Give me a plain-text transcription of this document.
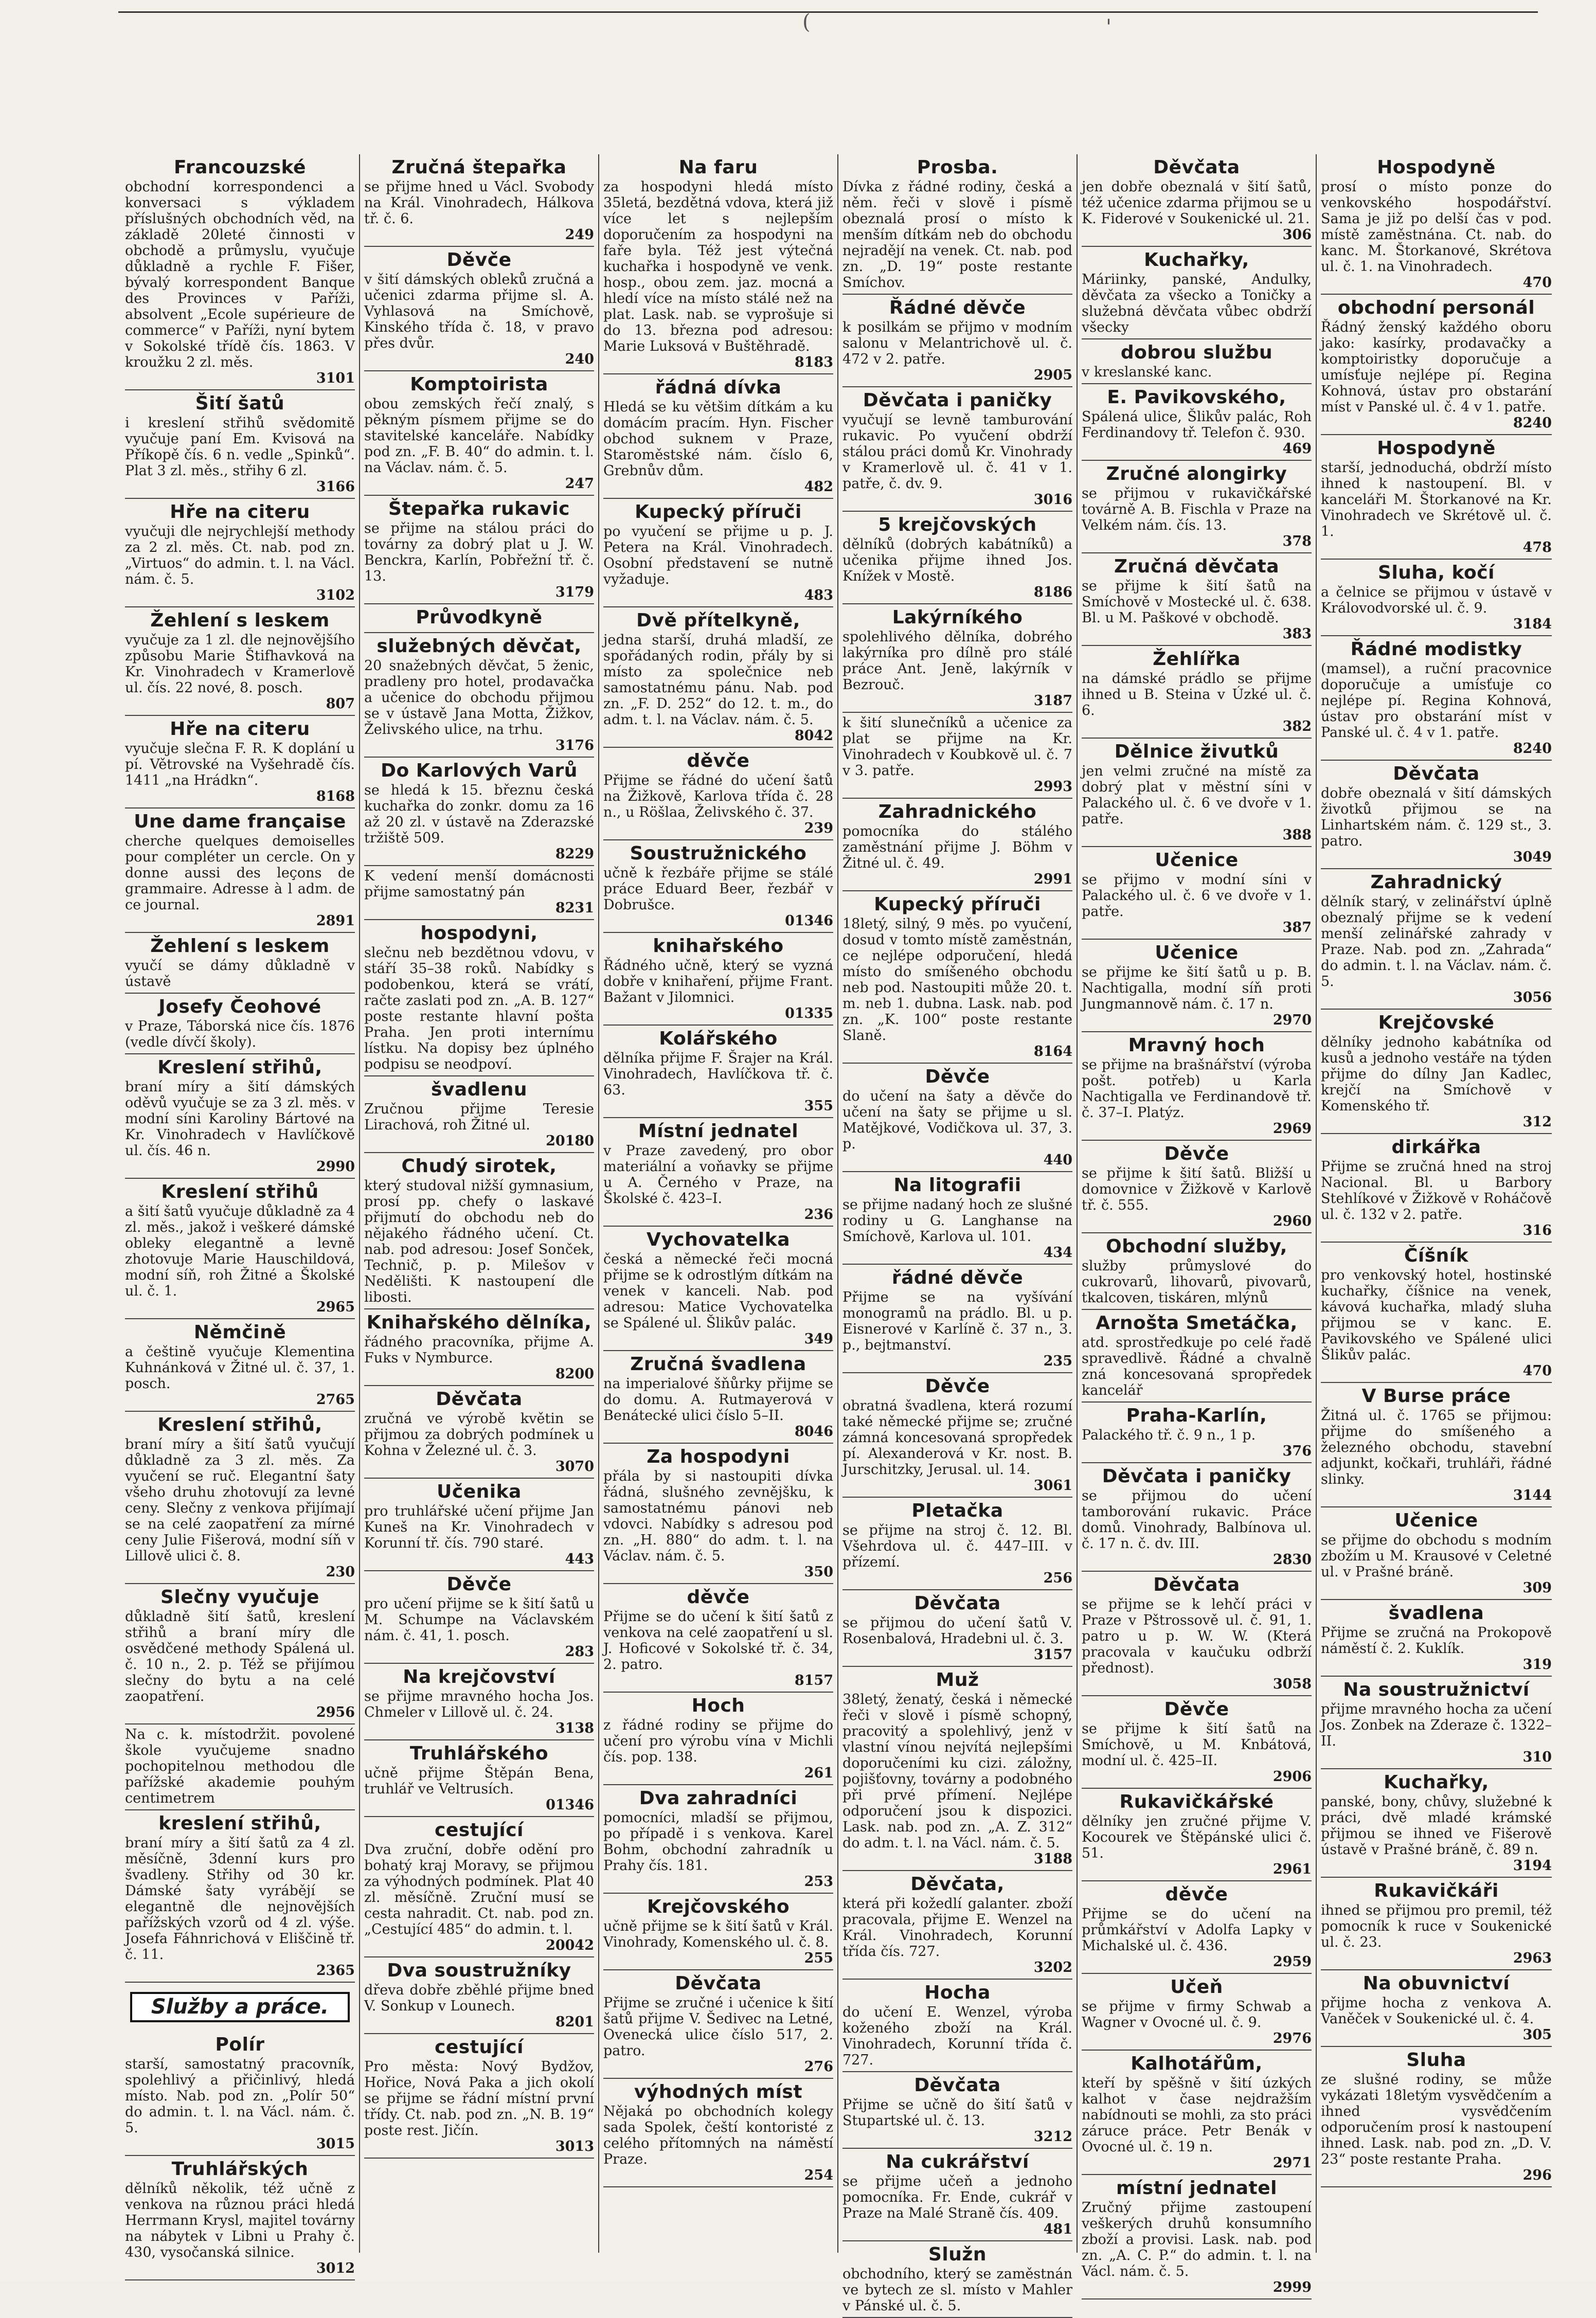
(	'
Francouzské

obchodní korrespondenci a konversaci s výkladem příslušných obchodních věd, na základě 20leté činnosti v obchodě a průmyslu, vyučuje důkladně a rychle F. Fišer, bývalý korrespondent Banque des Provinces v Paříži, absolvent „Ecole supérieure de commerce“ v Paříži, nyní bytem v Sokolské třídě čís. 1863. V kroužku 2 zl. měs.

3101
Šití šatů

i kreslení střihů svědomitě vyučuje paní Em. Kvisová na Příkopě čís. 6 n. vedle „Spinků“. Plat 3 zl. měs., střihy 6 zl.

3166
Hře na citeru

vyučuji dle nejrychlejší methody za 2 zl. měs. Ct. nab. pod zn. „Virtuos“ do admin. t. l. na Václ. nám. č. 5.

3102
Žehlení s leskem

vyučuje za 1 zl. dle nejnovějšího způsobu Marie Štifhavková na Kr. Vinohradech v Kramerlově ul. čís. 22 nové, 8. posch.

807
Hře na citeru

vyučuje slečna F. R. K doplání u pí. Větrovské na Vyšehradě čís. 1411 „na Hrádkn“.

8168
Une dame française

cherche quelques demoiselles pour compléter un cercle. On y donne aussi des leçons de grammaire. Adresse à l adm. de ce journal.

2891
Žehlení s leskem

vyučí se dámy důkladně v ústavě

Josefy Čeohové

v Praze, Táborská nice čís. 1876 (vedle dívčí školy).

Kreslení střihů,

braní míry a šití dámských oděvů vyučuje se za 3 zl. měs. v modní síni Karoliny Bártové na Kr. Vinohradech v Havlíčkově ul. čís. 46 n.

2990
Kreslení střihů

a šití šatů vyučuje důkladně za 4 zl. měs., jakož i veškeré dámské obleky elegantně a levně zhotovuje Marie Hauschildová, modní síň, roh Žitné a Školské ul. č. 1.

2965
Němčině

a češtině vyučuje Klementina Kuhnánková v Žitné ul. č. 37, 1. posch.

2765
Kreslení střihů,

braní míry a šití šatů vyučují důkladně za 3 zl. měs. Za vyučení se ruč. Elegantní šaty všeho druhu zhotovují za levné ceny. Slečny z venkova přijímají se na celé zaopatření za mírné ceny Julie Fišerová, modní síň v Lillově ulici č. 8.

230
Slečny vyučuje

důkladně šití šatů, kreslení střihů a braní míry dle osvědčené methody Spálená ul. č. 10 n., 2. p. Též se přijímou slečny do bytu a na celé zaopatření.

2956

Na c. k. místodržit. povolené škole vyučujeme snadno pochopitelnou methodou dle pařížské akademie pouhým centimetrem

kreslení střihů,

braní míry a šití šatů za 4 zl. měsíčně, 3denní kurs pro švadleny. Střihy od 30 kr. Dámské šaty vyrábějí se elegantně dle nejnovějších pařížských vzorů od 4 zl. výše. Josefa Fáhnrichová v Eliščině tř. č. 11.

2365
Služby a práce.
Polír

starší, samostatný pracovník, spolehlivý a přičinlivý, hledá místo. Nab. pod zn. „Polír 50“ do admin. t. l. na Václ. nám. č. 5.

3015
Truhlářských

dělníků několik, též učně z venkova na různou práci hledá Herrmann Krysl, majitel továrny na nábytek v Libni u Prahy č. 430, vysočanská silnice.

3012
Zručná štepařka

se přijme hned u Václ. Svobody na Král. Vinohradech, Hálkova tř. č. 6.

249
Děvče

v šití dámských obleků zručná a učenici zdarma přijme sl. A. Vyhlasová na Smíchově, Kinského třída č. 18, v pravo přes dvůr.

240
Komptoirista

obou zemských řečí znalý, s pěkným písmem přijme se do stavitelské kanceláře. Nabídky pod zn. „F. B. 40“ do admin. t. l. na Václav. nám. č. 5.

247
Štepařka rukavic

se přijme na stálou práci do továrny za dobrý plat u J. W. Benckra, Karlín, Pobřežní tř. č. 13.

3179
Průvodkyně
služebných děvčat,

20 snažebných děvčat, 5 ženic, pradleny pro hotel, prodavačka a učenice do obchodu přijmou se v ústavě Jana Motta, Žižkov, Želivského ulice, na trhu.

3176
Do Karlových Varů

se hledá k 15. březnu česká kuchařka do zonkr. domu za 16 až 20 zl. v ústavě na Zderazské tržiště 509.

8229

K vedení menší domácnosti přijme samostatný pán

8231
hospodyni,

slečnu neb bezdětnou vdovu, v stáří 35–38 roků. Nabídky s podobenkou, která se vrátí, račte zaslati pod zn. „A. B. 127“ poste restante hlavní pošta Praha. Jen proti internímu lístku. Na dopisy bez úplného podpisu se neodpoví.

švadlenu

Zručnou přijme Teresie Lirachová, roh Žitné ul.

20180
Chudý sirotek,

který studoval nižší gymnasium, prosí pp. chefy o laskavé přijmutí do obchodu neb do nějakého řádného učení. Ct. nab. pod adresou: Josef Sonček, Technič, p. p. Milešov v Nedělišti. K nastoupení dle libosti.

Knihařského dělníka,

řádného pracovníka, přijme A. Fuks v Nymburce.

8200
Děvčata

zručná ve výrobě květin se přijmou za dobrých podmínek u Kohna v Železné ul. č. 3.

3070
Učenika

pro truhlářské učení přijme Jan Kuneš na Kr. Vinohradech v Korunní tř. čís. 790 staré.

443
Děvče

pro učení přijme se k šití šatů u M. Schumpe na Václavském nám. č. 41, 1. posch.

283
Na krejčovství

se přijme mravného hocha Jos. Chmeler v Lillově ul. č. 24.

3138
Truhlářského

učně přijme Štěpán Bena, truhlář ve Veltrusích.

01346
cestující

Dva zruční, dobře odění pro bohatý kraj Moravy, se přijmou za výhodných podmínek. Plat 40 zl. měsíčně. Zruční musí se cesta nahradit. Ct. nab. pod zn. „Cestující 485“ do admin. t. l.

20042
Dva soustružníky

dřeva dobře zběhlé přijme bned V. Sonkup v Lounech.

8201
cestující

Pro města: Nový Bydžov, Hořice, Nová Paka a jich okolí se přijme se řádní místní první třídy. Ct. nab. pod zn. „N. B. 19“ poste rest. Jičín.

3013
Na faru

za hospodyni hledá místo 35letá, bezdětná vdova, která již více let s nejlepším doporučením za hospodyni na faře byla. Též jest výtečná kuchařka i hospodyně ve venk. hosp., obou zem. jaz. mocná a hledí více na místo stálé než na plat. Lask. nab. se vyprošuje si do 13. března pod adresou: Marie Luksová v Buštěhradě.

8183
řádná dívka

Hledá se ku většim dítkám a ku domácím pracím. Hyn. Fischer obchod suknem v Praze, Staroměstské nám. číslo 6, Grebnův dům.

482
Kupecký příruči

po vyučení se přijme u p. J. Petera na Král. Vinohradech. Osobní představení se nutně vyžaduje.

483
Dvě přítelkyně,

jedna starší, druhá mladší, ze spořádaných rodin, přály by si místo za společnice neb samostatnému pánu. Nab. pod zn. „F. D. 252“ do 12. t. m., do adm. t. l. na Václav. nám. č. 5.

8042
děvče

Přijme se řádné do učení šatů na Žižkově, Karlova třída č. 28 n., u Röšlaa, Želivského č. 37.

239
Soustružnického

učně k řezbáře přijme se stálé práce Eduard Beer, řezbář v Dobrušce.

01346
knihařského

Řádného učně, který se vyzná dobře v knihaření, přijme Frant. Bažant v Jilomnici.

01335
Kolářského

dělníka přijme F. Šrajer na Král. Vinohradech, Havlíčkova tř. č. 63.

355
Místní jednatel

v Praze zavedený, pro obor materiální a voňavky se přijme u A. Černého v Praze, na Školské č. 423–I.

236
Vychovatelka

česká a německé řeči mocná přijme se k odrostlým dítkám na venek v kanceli. Nab. pod adresou: Matice Vychovatelka se Spálené ul. Šlikův palác.

349
Zručná švadlena

na imperialové šňůrky přijme se do domu. A. Rutmayerová v Benátecké ulici číslo 5–II.

8046
Za hospodyni

přála by si nastoupiti dívka řádná, slušného zevnějšku, k samostatnému pánovi neb vdovci. Nabídky s adresou pod zn. „H. 880“ do adm. t. l. na Václav. nám. č. 5.

350
děvče

Přijme se do učení k šití šatů z venkova na celé zaopatření u sl. J. Hoficové v Sokolské tř. č. 34, 2. patro.

8157
Hoch

z řádné rodiny se přijme do učení pro výrobu vína v Michli čís. pop. 138.

261
Dva zahradníci

pomocníci, mladší se přijmou, po případě i s venkova. Karel Bohm, obchodní zahradník u Prahy čís. 181.

253
Krejčovského

učně přijme se k šití šatů v Král. Vinohrady, Komenského ul. č. 8.

255
Děvčata

Přijme se zručné i učenice k šití šatů přijme V. Šedivec na Letné, Ovenecká ulice číslo 517, 2. patro.

276
výhodných míst

Nějaká po obchodních kolegy sada Spolek, čeští kontoristé z celého přítomných na náměstí Praze.

254
Prosba.

Dívka z řádné rodiny, česká a něm. řeči v slově i písmě obeznalá prosí o místo k menším dítkám neb do obchodu nejradějí na venek. Ct. nab. pod zn. „D. 19“ poste restante Smíchov.

Řádné děvče

k posilkám se přijmo v modním salonu v Melantrichově ul. č. 472 v 2. patře.

2905
Děvčata i paničky

vyučují se levně tamburování rukavic. Po vyučení obdrží stálou práci domů Kr. Vinohrady v Kramerlově ul. č. 41 v 1. patře, č. dv. 9.

3016
5 krejčovských

dělníků (dobrých kabátníků) a učenika přijme ihned Jos. Knížek v Mostě.

8186
Lakýrníkého

spolehlivého dělníka, dobrého lakýrníka pro dílně pro stálé práce Ant. Jeně, lakýrník v Bezrouč.

3187

k šití slunečníků a učenice za plat se přijme na Kr. Vinohradech v Koubkově ul. č. 7 v 3. patře.

2993
Zahradnického

pomocníka do stálého zaměstnání přijme J. Böhm v Žitné ul. č. 49.

2991
Kupecký příruči

18letý, silný, 9 měs. po vyučení, dosud v tomto místě zaměstnán, ce nejlépe odporučení, hledá místo do smíšeného obchodu neb pod. Nastoupiti může 20. t. m. neb 1. dubna. Lask. nab. pod zn. „K. 100“ poste restante Slaně.

8164
Děvče

do učení na šaty a děvče do učení na šaty se přijme u sl. Matějkové, Vodičkova ul. 37, 3. p.

440
Na litografii

se přijme nadaný hoch ze slušné rodiny u G. Langhanse na Smíchově, Karlova ul. 101.

434
řádné děvče

Přijme se na vyšívání monogramů na prádlo. Bl. u p. Eisnerové v Karlíně č. 37 n., 3. p., bejtmanství.

235
Děvče

obratná švadlena, která rozumí také německé přijme se; zručné zámná koncesovaná spropředek pí. Alexanderová v Kr. nost. B. Jurschitzky, Jerusal. ul. 14.

3061
Pletačka

se přijme na stroj č. 12. Bl. Všehrdova ul. č. 447–III. v přízemí.

256
Děvčata

se přijmou do učení šatů V. Rosenbalová, Hradebni ul. č. 3.

3157
Muž

38letý, ženatý, česká i německé řeči v slově i písmě schopný, pracovitý a spolehlivý, jenž v vlastní vínou nejvítá nejlepšími doporučeními ku cizi. záložny, pojišťovny, továrny a podobného při prvé přímení. Nejlépe odporučení jsou k dispozici. Lask. nab. pod zn. „A. Z. 312“ do adm. t. l. na Václ. nám. č. 5.

3188
Děvčata,

která při kožedlí galanter. zboží pracovala, přijme E. Wenzel na Král. Vinohradech, Korunní třída čís. 727.

3202
Hocha

do učení E. Wenzel, výroba koženého zboží na Král. Vinohradech, Korunní třída č. 727.

Děvčata

Přijme se učně do šití šatů v Stupartské ul. č. 13.

3212
Na cukrářství

se přijme učeň a jednoho pomocníka. Fr. Ende, cukrář v Praze na Malé Straně čís. 409.

481
Služn

obchodního, který se zaměstnán ve bytech ze sl. místo v Mahler v Pánské ul. č. 5.

Děvčata

jen dobře obeznalá v šití šatů, též učenice zdarma přijmou se u K. Fiderové v Soukenické ul. 21.

306
Kuchařky,

Máriinky, panské, Andulky, děvčata za všecko a Toničky a služebná děvčata vůbec obdrží všecky

dobrou službu

v kreslanské kanc.

E. Pavikovského,

Spálená ulice, Šlikův palác, Roh Ferdinandovy tř. Telefon č. 930.

469
Zručné alongirky

se přijmou v rukavičkářské továrně A. B. Fischla v Praze na Velkém nám. čís. 13.

378
Zručná děvčata

se přijme k šití šatů na Smíchově v Mostecké ul. č. 638. Bl. u M. Paškové v obchodě.

383
Žehlířka

na dámské prádlo se přijme ihned u B. Steina v Úzké ul. č. 6.

382
Dělnice živutků

jen velmi zručné na místě za dobrý plat v městní síni v Palackého ul. č. 6 ve dvoře v 1. patře.

388
Učenice

se přijmo v modní síni v Palackého ul. č. 6 ve dvoře v 1. patře.

387
Učenice

se přijme ke šití šatů u p. B. Nachtigalla, modní síň proti Jungmannově nám. č. 17 n.

2970
Mravný hoch

se přijme na brašnářství (výroba pošt. potřeb) u Karla Nachtigalla ve Ferdinandově tř. č. 37–I. Platýz.

2969
Děvče

se přijme k šití šatů. Bližší u domovnice v Žižkově v Karlově tř. č. 555.

2960
Obchodní služby,

služby průmyslové do cukrovarů, lihovarů, pivovarů, tkalcoven, tiskáren, mlýnů

Arnošta Smetáčka,

atd. sprostředkuje po celé řadě spravedlivě. Řádné a chvalně zná koncesovaná spropředek kancelář

Praha-Karlín,

Palackého tř. č. 9 n., 1 p.

376
Děvčata i paničky

se přijmou do učení tamborování rukavic. Práce domů. Vinohrady, Balbínova ul. č. 17 n. č. dv. III.

2830
Děvčata

se přijme se k lehčí práci v Praze v Pštrossově ul. č. 91, 1. patro u p. W. W. (Která pracovala v kaučuku odbrží přednost).

3058
Děvče

se přijme k šití šatů na Smíchově, u M. Knbátová, modní ul. č. 425–II.

2906
Rukavičkářské

dělníky jen zručné přijme V. Kocourek ve Štěpánské ulici č. 51.

2961
děvče

Přijme se do učení na průmkářství v Adolfa Lapky v Michalské ul. č. 436.

2959
Učeň

se přijme v firmy Schwab a Wagner v Ovocné ul. č. 9.

2976
Kalhotářům,

kteří by spěšně v šití úzkých kalhot v čase nejdražším nabídnouti se mohli, za sto práci záruce práce. Petr Benák v Ovocné ul. č. 19 n.

2971
místní jednatel

Zručný přijme zastoupení veškerých druhů konsumního zboží a provisi. Lask. nab. pod zn. „A. C. P.“ do admin. t. l. na Václ. nám. č. 5.

2999
Hospodyně

prosí o místo ponze do venkovského hospodářství. Sama je již po delší čas v pod. místě zaměstnána. Ct. nab. do kanc. M. Štorkanové, Skrétova ul. č. 1. na Vinohradech.

470
obchodní personál

Řádný ženský každého oboru jako: kasírky, prodavačky a komptoiristky doporučuje a umísťuje nejlépe pí. Regina Kohnová, ústav pro obstarání míst v Panské ul. č. 4 v 1. patře.

8240
Hospodyně

starší, jednoduchá, obdrží místo ihned k nastoupení. Bl. v kanceláři M. Štorkanové na Kr. Vinohradech ve Skrétově ul. č. 1.

478
Sluha, kočí

a čelnice se přijmou v ústavě v Královodvorské ul. č. 9.

3184
Řádné modistky

(mamsel), a ruční pracovnice doporučuje a umísťuje co nejlépe pí. Regina Kohnová, ústav pro obstarání míst v Panské ul. č. 4 v 1. patře.

8240
Děvčata

dobře obeznalá v šití dámských životků přijmou se na Linhartském nám. č. 129 st., 3. patro.

3049
Zahradnický

dělník starý, v zelinářství úplně obeznalý přijme se k vedení menší zelinářské zahrady v Praze. Nab. pod zn. „Zahrada“ do admin. t. l. na Václav. nám. č. 5.

3056
Krejčovské

dělníky jednoho kabátníka od kusů a jednoho vestáře na týden přijme do dílny Jan Kadlec, krejčí na Smíchově v Komenského tř.

312
dirkářka

Přijme se zručná hned na stroj Nacional. Bl. u Barbory Stehlíkové v Žižkově v Roháčově ul. č. 132 v 2. patře.

316
Číšník

pro venkovský hotel, hostinské kuchařky, číšnice na venek, kávová kuchařka, mladý sluha přijmou se v kanc. E. Pavikovského ve Spálené ulici Šlikův palác.

470
V Burse práce

Žitná ul. č. 1765 se přijmou: přijme do smíšeného a železného obchodu, stavební adjunkt, kočkaři, truhláři, řádné slinky.

3144
Učenice

se přijme do obchodu s modním zbožím u M. Krausové v Celetné ul. v Prašné bráně.

309
švadlena

Přijme se zručná na Prokopově náměstí č. 2. Kuklík.

319
Na soustružnictví

přijme mravného hocha za učení Jos. Zonbek na Zderaze č. 1322–II.

310
Kuchařky,

panské, bony, chůvy, služebné k práci, dvě mladé krámské přijmou se ihned ve Fišerově ústavě v Prašné bráně, č. 89 n.

3194
Rukavičkáři

ihned se přijmou pro premil, též pomocník k ruce v Soukenické ul. č. 23.

2963
Na obuvnictví

přijme hocha z venkova A. Vaněček v Soukenické ul. č. 4.

305
Sluha

ze slušné rodiny, se může vykázati 18letým vysvědčením a ihned vysvědčením odporučením prosí k nastoupení ihned. Lask. nab. pod zn. „D. V. 23“ poste restante Praha.

296
